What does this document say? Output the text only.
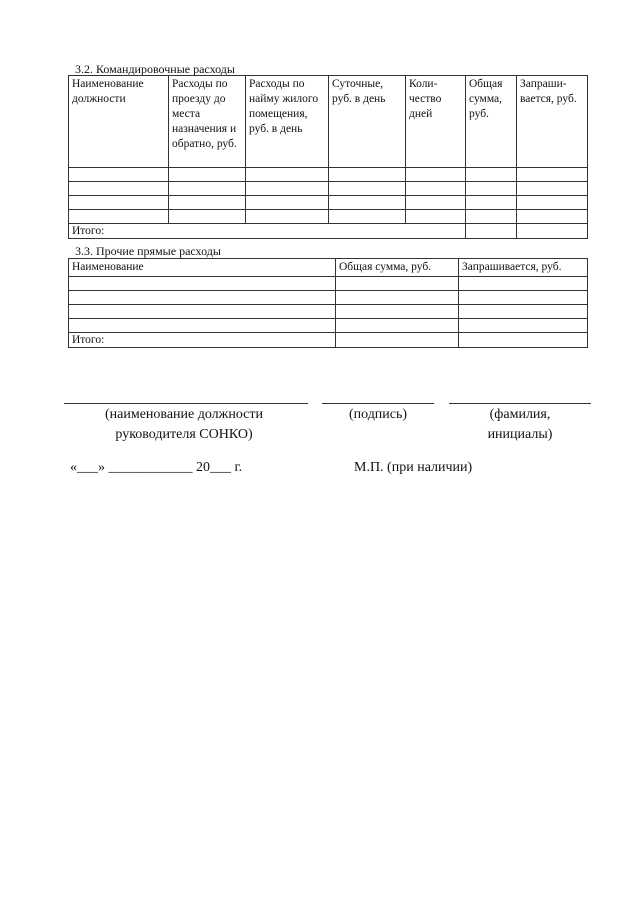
3.2. Командировочные расходы
Наименование должности	Расходы по проезду до места назначения и обратно, руб.	Расходы по найму жилого помещения, руб. в день	Суточные, руб. в день	Коли-чество дней	Общая сумма, руб.	Запраши-вается, руб.

Итого:						
3.3. Прочие прямые расходы
Наименование	Общая сумма, руб.	Запрашивается, руб.

Итого:		
(наименование должности руководителя СОНКО)
(подпись)	(фамилия, инициалы)
«___» ____________ 20___ г.	М.П. (при наличии)
